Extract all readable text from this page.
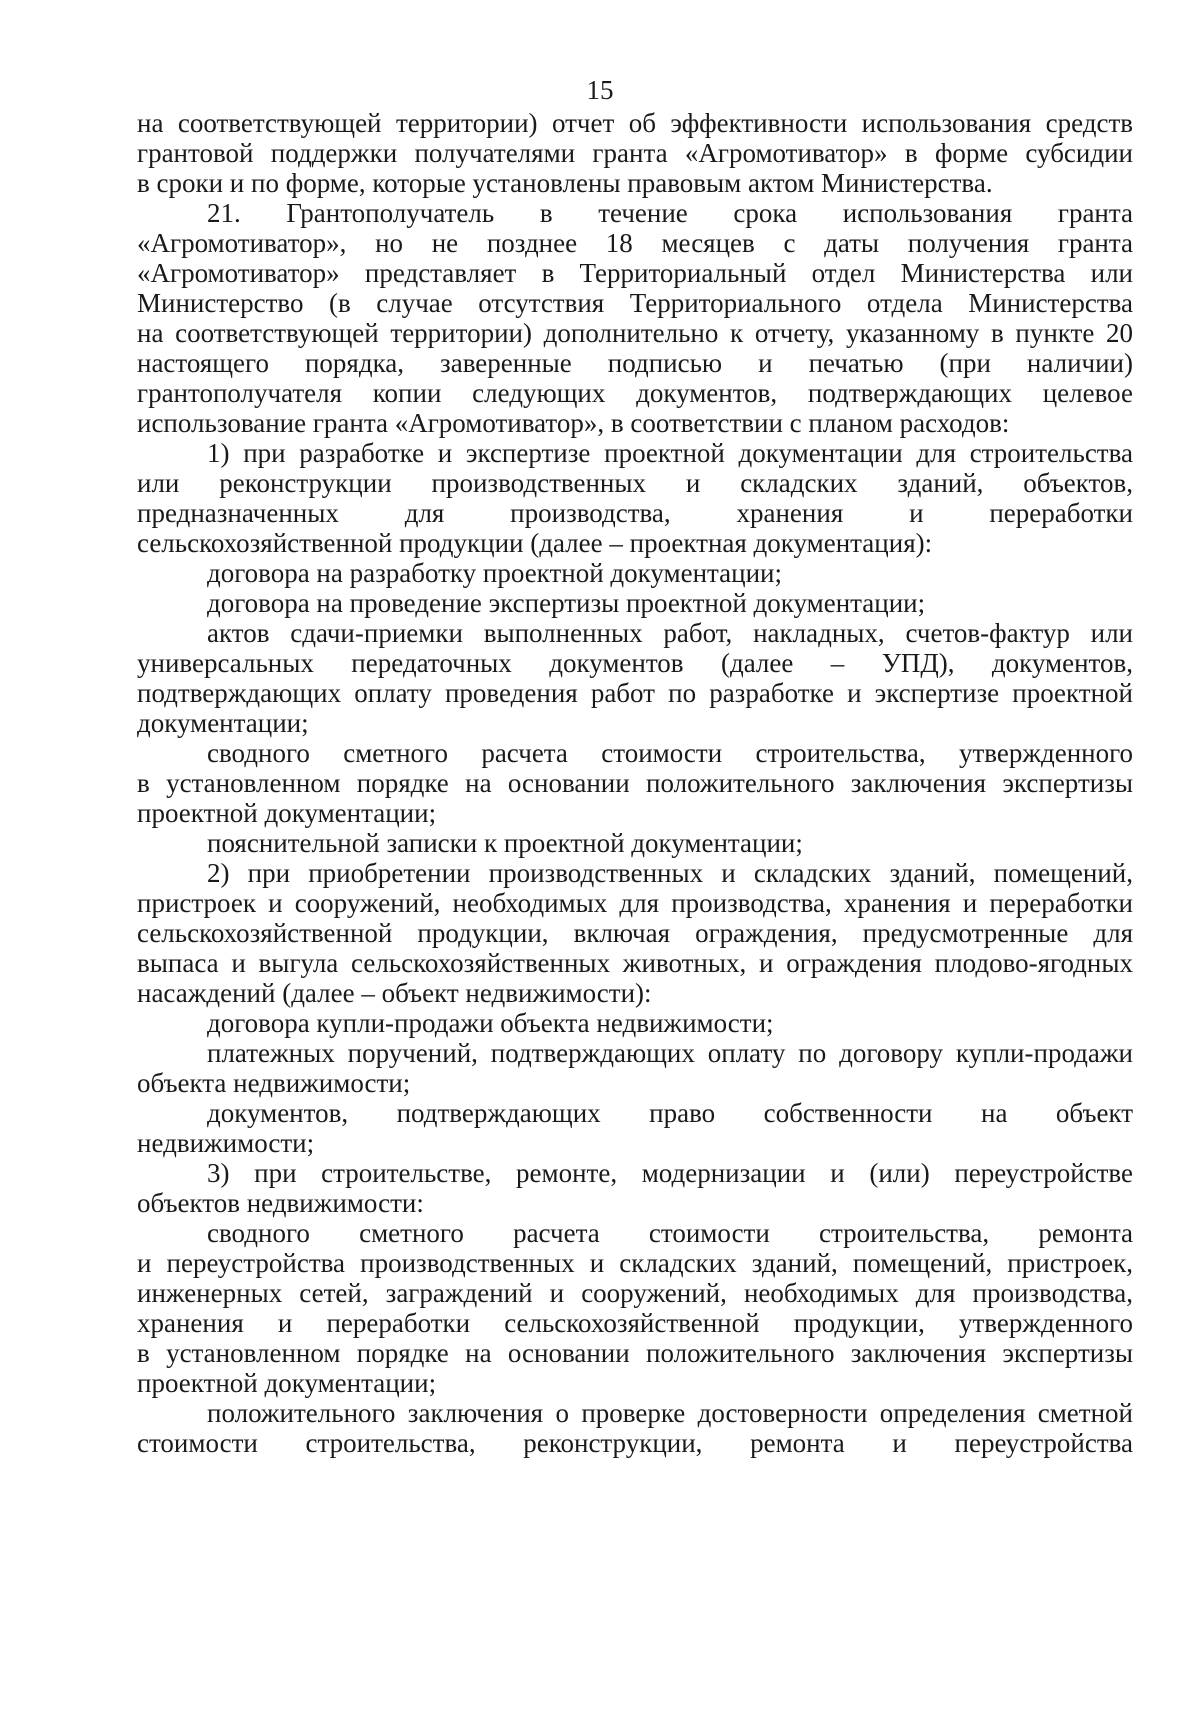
15
на соответствующей территории) отчет об эффективности использования средств
грантовой поддержки получателями гранта «Агромотиватор» в форме субсидии
в сроки и по форме, которые установлены правовым актом Министерства.
21. Грантополучатель в течение срока использования гранта
«Агромотиватор», но не позднее 18 месяцев с даты получения гранта
«Агромотиватор» представляет в Территориальный отдел Министерства или
Министерство (в случае отсутствия Территориального отдела Министерства
на соответствующей территории) дополнительно к отчету, указанному в пункте 20
настоящего порядка, заверенные подписью и печатью (при наличии)
грантополучателя копии следующих документов, подтверждающих целевое
использование гранта «Агромотиватор», в соответствии с планом расходов:
1) при разработке и экспертизе проектной документации для строительства
или реконструкции производственных и складских зданий, объектов,
предназначенных для производства, хранения и переработки
сельскохозяйственной продукции (далее – проектная документация):
договора на разработку проектной документации;
договора на проведение экспертизы проектной документации;
актов сдачи-приемки выполненных работ, накладных, счетов-фактур или
универсальных передаточных документов (далее – УПД), документов,
подтверждающих оплату проведения работ по разработке и экспертизе проектной
документации;
сводного сметного расчета стоимости строительства, утвержденного
в установленном порядке на основании положительного заключения экспертизы
проектной документации;
пояснительной записки к проектной документации;
2) при приобретении производственных и складских зданий, помещений,
пристроек и сооружений, необходимых для производства, хранения и переработки
сельскохозяйственной продукции, включая ограждения, предусмотренные для
выпаса и выгула сельскохозяйственных животных, и ограждения плодово-ягодных
насаждений (далее – объект недвижимости):
договора купли-продажи объекта недвижимости;
платежных поручений, подтверждающих оплату по договору купли-продажи
объекта недвижимости;
документов, подтверждающих право собственности на объект
недвижимости;
3) при строительстве, ремонте, модернизации и (или) переустройстве
объектов недвижимости:
сводного сметного расчета стоимости строительства, ремонта
и переустройства производственных и складских зданий, помещений, пристроек,
инженерных сетей, заграждений и сооружений, необходимых для производства,
хранения и переработки сельскохозяйственной продукции, утвержденного
в установленном порядке на основании положительного заключения экспертизы
проектной документации;
положительного заключения о проверке достоверности определения сметной
стоимости строительства, реконструкции, ремонта и переустройства
